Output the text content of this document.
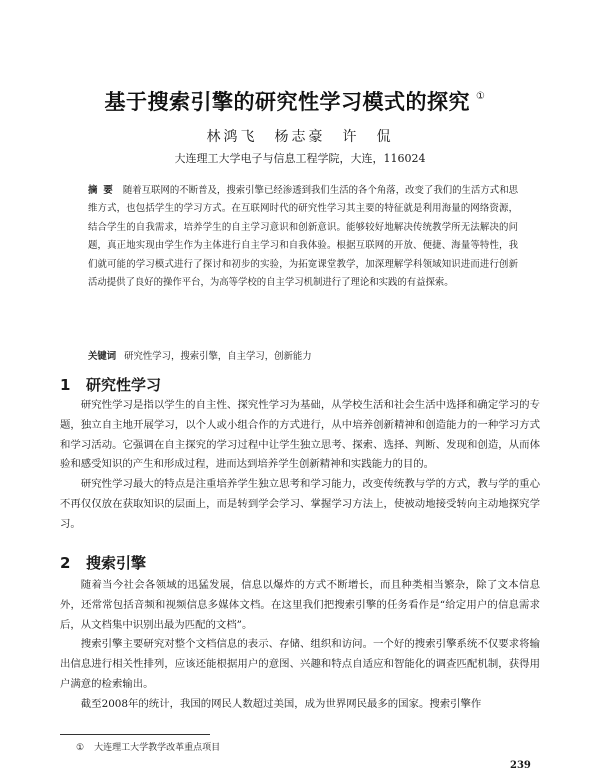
基于搜索引擎的研究性学习模式的探究 ①
林鸿飞　杨志豪　许　侃
大连理工大学电子与信息工程学院，大连，116024
摘要 随着互联网的不断普及，搜索引擎已经渗透到我们生活的各个角落，改变了我们的生活方式和思维方式，也包括学生的学习方式。在互联网时代的研究性学习其主要的特征就是利用海量的网络资源，结合学生的自我需求，培养学生的自主学习意识和创新意识。能够较好地解决传统教学所无法解决的问题，真正地实现由学生作为主体进行自主学习和自我体验。根据互联网的开放、便捷、海量等特性，我们就可能的学习模式进行了探讨和初步的实验，为拓宽课堂教学，加深理解学科领域知识进而进行创新活动提供了良好的操作平台，为高等学校的自主学习机制进行了理论和实践的有益探索。
关键词 研究性学习，搜索引擎，自主学习，创新能力
1 研究性学习

研究性学习是指以学生的自主性、探究性学习为基础，从学校生活和社会生活中选择和确定学习的专题，独立自主地开展学习，以个人或小组合作的方式进行，从中培养创新精神和创造能力的一种学习方式和学习活动。它强调在自主探究的学习过程中让学生独立思考、探索、选择、判断、发现和创造，从而体验和感受知识的产生和形成过程，进而达到培养学生创新精神和实践能力的目的。

研究性学习最大的特点是注重培养学生独立思考和学习能力，改变传统教与学的方式，教与学的重心不再仅仅放在获取知识的层面上，而是转到学会学习、掌握学习方法上，使被动地接受转向主动地探究学习。

2 搜索引擎

随着当今社会各领域的迅猛发展，信息以爆炸的方式不断增长，而且种类相当繁杂，除了文本信息外，还常常包括音频和视频信息多媒体文档。在这里我们把搜索引擎的任务看作是“给定用户的信息需求后，从文档集中识别出最为匹配的文档”。

搜索引擎主要研究对整个文档信息的表示、存储、组织和访问。一个好的搜索引擎系统不仅要求将输出信息进行相关性排列，应该还能根据用户的意图、兴趣和特点自适应和智能化的调查匹配机制，获得用户满意的检索输出。

截至2008年的统计，我国的网民人数超过美国，成为世界网民最多的国家。搜索引擎作

① 大连理工大学教学改革重点项目
239
